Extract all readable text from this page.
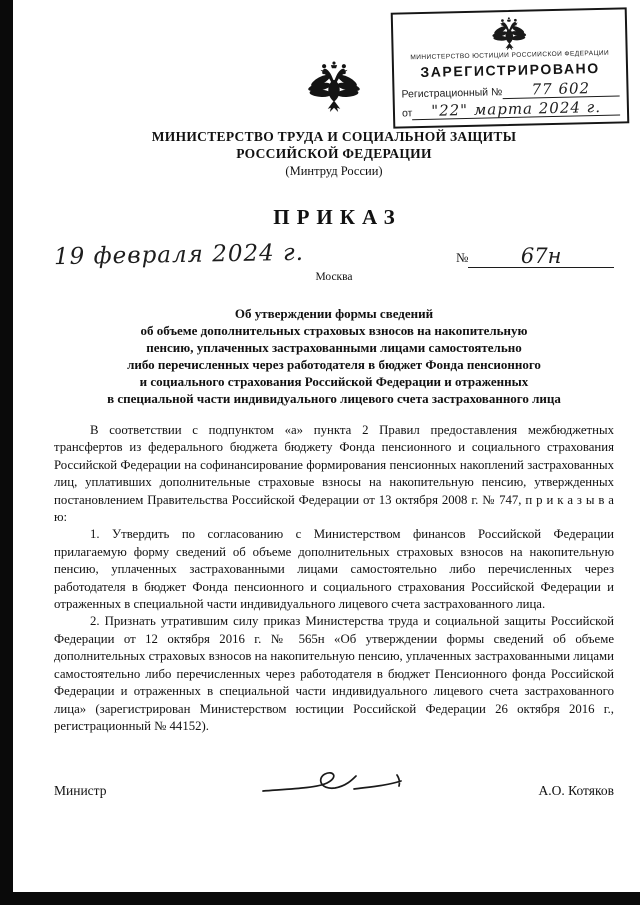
МИНИСТЕРСТВО ЮСТИЦИИ РОССИЙСКОЙ ФЕДЕРАЦИИ
ЗАРЕГИСТРИРОВАНО
Регистрационный №	77 602
от	"22" марта 2024 г.
МИНИСТЕРСТВО ТРУДА И СОЦИАЛЬНОЙ ЗАЩИТЫ
РОССИЙСКОЙ ФЕДЕРАЦИИ
(Минтруд России)
ПРИКАЗ
19 февраля 2024 г.	№	67н
Москва
Об утверждении формы сведений
об объеме дополнительных страховых взносов на накопительную
пенсию, уплаченных застрахованными лицами самостоятельно
либо перечисленных через работодателя в бюджет Фонда пенсионного
и социального страхования Российской Федерации и отраженных
в специальной части индивидуального лицевого счета застрахованного лица

В соответствии с подпунктом «а» пункта 2 Правил предоставления межбюджетных трансфертов из федерального бюджета бюджету Фонда пенсионного и социального страхования Российской Федерации на софинансирование формирования пенсионных накоплений застрахованных лиц, уплативших дополнительные страховые взносы на накопительную пенсию, утвержденных постановлением Правительства Российской Федерации от 13 октября 2008 г. № 747, п р и к а з ы в а ю:

1. Утвердить по согласованию с Министерством финансов Российской Федерации прилагаемую форму сведений об объеме дополнительных страховых взносов на накопительную пенсию, уплаченных застрахованными лицами самостоятельно либо перечисленных через работодателя в бюджет Фонда пенсионного и социального страхования Российской Федерации и отраженных в специальной части индивидуального лицевого счета застрахованного лица.

2. Признать утратившим силу приказ Министерства труда и социальной защиты Российской Федерации от 12 октября 2016 г. № 565н «Об утверждении формы сведений об объеме дополнительных страховых взносов на накопительную пенсию, уплаченных застрахованными лицами самостоятельно либо перечисленных через работодателя в бюджет Пенсионного фонда Российской Федерации и отраженных в специальной части индивидуального лицевого счета застрахованного лица» (зарегистрирован Министерством юстиции Российской Федерации 26 октября 2016 г., регистрационный № 44152).

Министр	А.О. Котяков
